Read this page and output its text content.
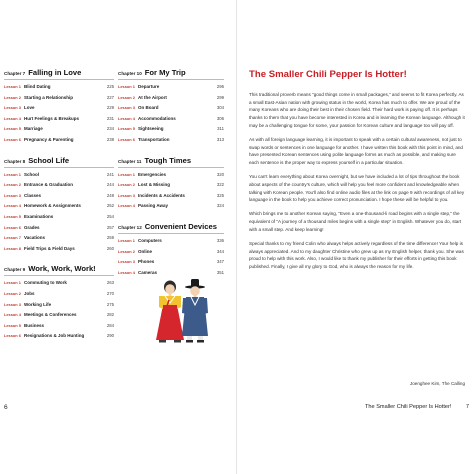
Chapter 7 Falling in Love
Lesson 1 Blind Dating	225
Lesson 2 Starting a Relationship	227
Lesson 3 Love	229
Lesson 4 Hurt Feelings & Breakups	231
Lesson 5 Marriage	234
Lesson 6 Pregnancy & Parenting	238
Chapter 8 School Life
Lesson 1 School	241
Lesson 2 Entrance & Graduation	244
Lesson 3 Classes	248
Lesson 4 Homework & Assignments	252
Lesson 5 Examinations	254
Lesson 6 Grades	257
Lesson 7 Vacations	259
Lesson 8 Field Trips & Field Days	260
Chapter 9 Work, Work, Work!
Lesson 1 Commuting to Work	263
Lesson 2 Jobs	270
Lesson 3 Working Life	275
Lesson 4 Meetings & Conferences	282
Lesson 5 Business	284
Lesson 6 Resignations & Job Hunting	290
Chapter 10 For My Trip
Lesson 1 Departure	296
Lesson 2 At the Airport	299
Lesson 3 On Board	304
Lesson 4 Accommodations	306
Lesson 5 Sightseeing	311
Lesson 6 Transportation	313
Chapter 11 Tough Times
Lesson 1 Emergencies	320
Lesson 2 Lost & Missing	322
Lesson 3 Incidents & Accidents	325
Lesson 4 Passing Away	324
Chapter 12 Convenient Devices
Lesson 1 Computers	336
Lesson 2 Online	344
Lesson 3 Phones	347
Lesson 4 Cameras	351
6
The Smaller Chili Pepper Is Hotter!

This traditional proverb means "good things come in small packages," and seems to fit Korea perfectly. As a small East-Asian nation with growing status in the world, Korea has much to offer. We are proud of the many Koreans who are doing their best in their chosen field. Their hard work is paying off. It is perhaps thanks to them that you have become interested in Korea and in learning the Korean language. Although it may be a challenging tongue for some, your passion for Korean culture and language too will pay off.

As with all foreign language learning, it is important to speak with a certain cultural awareness, not just to swap words or sentences in one language for another. I have written this book with this point in mind, and have presented Korean sentences using polite language forms as much as possible, and making sure each sentence is the proper way to express yourself in a particular situation.

You can't learn everything about Korea overnight, but we have included a lot of tips throughout the book about aspects of the country's culture, which will help you feel more confident and knowledgeable when talking with Korean people. You'll also find online audio files at the link on page 9 with recordings of all key language in the book to help you achieve correct pronunciation. I hope these will be helpful to you.

Which brings me to another Korean saying, "Even a one-thousand-li road begins with a single step," the equivalent of "A journey of a thousand miles begins with a single step" in English. Whatever you do, start with a small step. And keep learning!

Special thanks to my friend Colin who always helps actively regardless of the time difference! Your help is always appreciated. And to my daughter Christine who grew up as my English helper, thank you. She was proud to help with this work. Also, I would like to thank my publisher for their efforts in getting this book published. Finally, I give all my glory to God, who is always the reason for my life.

Joenghee Kim, The Calling
The Smaller Chili Pepper Is Hotter!	7
